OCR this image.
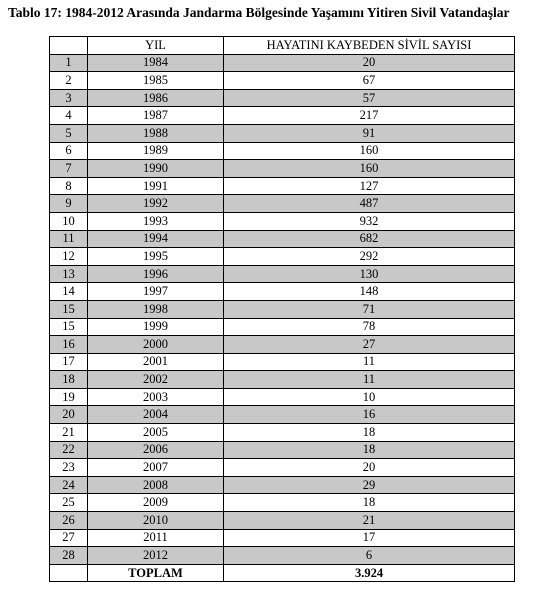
Tablo 17: 1984-2012 Arasında Jandarma Bölgesinde Yaşamını Yitiren Sivil Vatandaşlar
	YIL	HAYATINI KAYBEDEN SİVİL SAYISI
1	1984	20
2	1985	67
3	1986	57
4	1987	217
5	1988	91
6	1989	160
7	1990	160
8	1991	127
9	1992	487
10	1993	932
11	1994	682
12	1995	292
13	1996	130
14	1997	148
15	1998	71
15	1999	78
16	2000	27
17	2001	11
18	2002	11
19	2003	10
20	2004	16
21	2005	18
22	2006	18
23	2007	20
24	2008	29
25	2009	18
26	2010	21
27	2011	17
28	2012	6
	TOPLAM	3.924
